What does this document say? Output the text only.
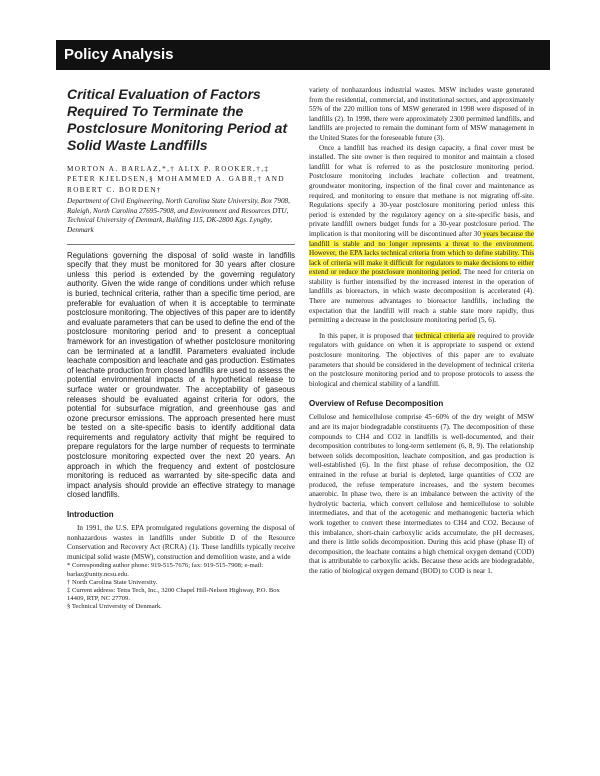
Policy Analysis
Critical Evaluation of Factors Required To Terminate the Postclosure Monitoring Period at Solid Waste Landfills

MORTON A. BARLAZ,*,† ALIX P. ROOKER,†,‡ PETER KJELDSEN,§ MOHAMMED A. GABR,† AND ROBERT C. BORDEN†

Department of Civil Engineering, North Carolina State University, Box 7908, Raleigh, North Carolina 27695-7908, and Environment and Resources DTU, Technical University of Denmark, Building 115, DK-2800 Kgs. Lyngby, Denmark

Regulations governing the disposal of solid waste in landfills specify that they must be monitored for 30 years after closure unless this period is extended by the governing regulatory authority. Given the wide range of conditions under which refuse is buried, technical criteria, rather than a specific time period, are preferable for evaluation of when it is acceptable to terminate postclosure monitoring. The objectives of this paper are to identify and evaluate parameters that can be used to define the end of the postclosure monitoring period and to present a conceptual framework for an investigation of whether postclosure monitoring can be terminated at a landfill. Parameters evaluated include leachate composition and leachate and gas production. Estimates of leachate production from closed landfills are used to assess the potential environmental impacts of a hypothetical release to surface water or groundwater. The acceptability of gaseous releases should be evaluated against criteria for odors, the potential for subsurface migration, and greenhouse gas and ozone precursor emissions. The approach presented here must be tested on a site-specific basis to identify additional data requirements and regulatory activity that might be required to prepare regulators for the large number of requests to terminate postclosure monitoring expected over the next 20 years. An approach in which the frequency and extent of postclosure monitoring is reduced as warranted by site-specific data and impact analysis should provide an effective strategy to manage closed landfills.

Introduction

In 1991, the U.S. EPA promulgated regulations governing the disposal of nonhazardous wastes in landfills under Subtitle D of the Resource Conservation and Recovery Act (RCRA) (1). These landfills typically receive municipal solid waste (MSW), construction and demolition waste, and a wide

* Corresponding author phone: 919-515-7676; fax: 919-515-7908; e-mail: barlaz@unity.ncsu.edu.

† North Carolina State University.

‡ Current address: Tetra Tech, Inc., 3200 Chapel Hill-Nelson Highway, P.O. Box 14409, RTP, NC 27709.

§ Technical University of Denmark.

variety of nonhazardous industrial wastes. MSW includes waste generated from the residential, commercial, and institutional sectors, and approximately 55% of the 220 million tons of MSW generated in 1998 were disposed of in landfills (2). In 1998, there were approximately 2300 permitted landfills, and landfills are projected to remain the dominant form of MSW management in the United States for the foreseeable future (3).

Once a landfill has reached its design capacity, a final cover must be installed. The site owner is then required to monitor and maintain a closed landfill for what is referred to as the postclosure monitoring period. Postclosure monitoring includes leachate collection and treatment, groundwater monitoring, inspection of the final cover and maintenance as required, and monitoring to ensure that methane is not migrating off-site. Regulations specify a 30-year postclosure monitoring period unless this period is extended by the regulatory agency on a site-specific basis, and private landfill owners budget funds for a 30-year postclosure period. The implication is that monitoring will be discontinued after 30 years because the landfill is stable and no longer represents a threat to the environment. However, the EPA lacks technical criteria from which to define stability. This lack of criteria will make it difficult for regulators to make decisions to either extend or reduce the postclosure monitoring period. The need for criteria on stability is further intensified by the increased interest in the operation of landfills as bioreactors, in which waste decomposition is accelerated (4). There are numerous advantages to bioreactor landfills, including the expectation that the landfill will reach a stable state more rapidly, thus permitting a decrease in the postclosure monitoring period (5, 6).

In this paper, it is proposed that technical criteria are required to provide regulators with guidance on when it is appropriate to suspend or extend postclosure monitoring. The objectives of this paper are to evaluate parameters that should be considered in the development of technical criteria on the postclosure monitoring period and to propose protocols to assess the biological and chemical stability of a landfill.

Overview of Refuse Decomposition

Cellulose and hemicellulose comprise 45−60% of the dry weight of MSW and are its major biodegradable constituents (7). The decomposition of these compounds to CH4 and CO2 in landfills is well-documented, and their decomposition contributes to long-term settlement (6, 8, 9). The relationship between solids decomposition, leachate composition, and gas production is well-established (6). In the first phase of refuse decomposition, the O2 entrained in the refuse at burial is depleted, large quantities of CO2 are produced, the refuse temperature increases, and the system becomes anaerobic. In phase two, there is an imbalance between the activity of the hydrolytic bacteria, which convert cellulose and hemicellulose to soluble intermediates, and that of the acetogenic and methanogenic bacteria which work together to convert these intermediates to CH4 and CO2. Because of this imbalance, short-chain carboxylic acids accumulate, the pH decreases, and there is little solids decomposition. During this acid phase (phase II) of decomposition, the leachate contains a high chemical oxygen demand (COD) that is attributable to carboxylic acids. Because these acids are biodegradable, the ratio of biological oxygen demand (BOD) to COD is near 1.
